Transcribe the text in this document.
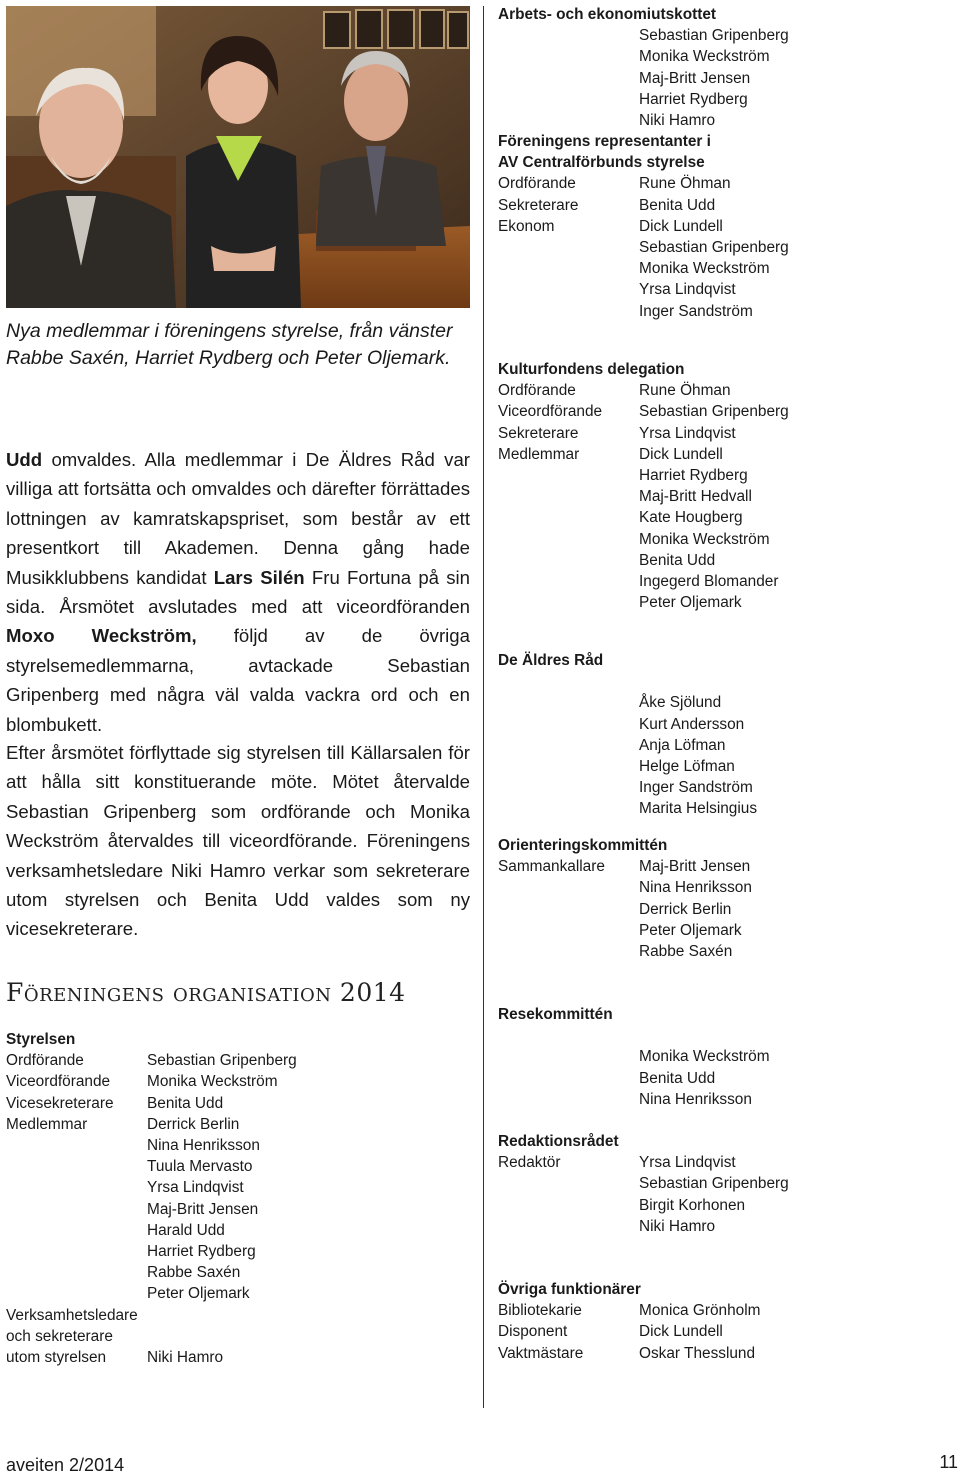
Nya medlemmar i föreningens styrelse, från vänster Rabbe Saxén, Harriet Rydberg och Peter Oljemark.
Udd omvaldes. Alla medlemmar i De Äldres Råd var villiga att fortsätta och omvaldes och därefter förrättades lottningen av kamratskapspriset, som består av ett presentkort till Akademen. Denna gång hade Musikklubbens kandidat Lars Silén Fru Fortuna på sin sida. Årsmötet avslutades med att viceordföranden Moxo Weckström, följd av de övriga styrelsemedlemmarna, avtackade Sebastian Gripenberg med några väl valda vackra ord och en blombukett.
Efter årsmötet förflyttade sig styrelsen till Källarsalen för att hålla sitt konstituerande möte. Mötet återvalde Sebastian Gripenberg som ordförande och Monika Weckström återvaldes till viceordförande. Föreningens verksamhetsledare Niki Hamro verkar som sekreterare utom styrelsen och Benita Udd valdes som ny vicesekreterare.
Föreningens organisation 2014
Styrelsen
Ordförande	Sebastian Gripenberg
Viceordförande	Monika Weckström
Vicesekreterare	Benita Udd
Medlemmar	Derrick Berlin

Nina Henriksson

Tuula Mervasto

Yrsa Lindqvist

Maj-Britt Jensen

Harald Udd

Harriet Rydberg

Rabbe Saxén

Peter Oljemark
Verksamhetsledare

och sekreterare

utom styrelsen	Niki Hamro
Arbets- och ekonomiutskottet

Sebastian Gripenberg

Monika Weckström

Maj-Britt Jensen

Harriet Rydberg

Niki Hamro
Föreningens representanter i
AV Centralförbunds styrelse
Ordförande	Rune Öhman
Sekreterare	Benita Udd
Ekonom	Dick Lundell

Sebastian Gripenberg

Monika Weckström

Yrsa Lindqvist

Inger Sandström
Kulturfondens delegation
Ordförande	Rune Öhman
Viceordförande	Sebastian Gripenberg
Sekreterare	Yrsa Lindqvist
Medlemmar	Dick Lundell

Harriet Rydberg

Maj-Britt Hedvall

Kate Hougberg

Monika Weckström

Benita Udd

Ingegerd Blomander

Peter Oljemark
De Äldres Råd

Åke Sjölund

Kurt Andersson

Anja Löfman

Helge Löfman

Inger Sandström

Marita Helsingius
Orienteringskommittén
Sammankallare	Maj-Britt Jensen

Nina Henriksson

Derrick Berlin

Peter Oljemark

Rabbe Saxén
Resekommittén

Monika Weckström

Benita Udd

Nina Henriksson
Redaktionsrådet
Redaktör	Yrsa Lindqvist

Sebastian Gripenberg

Birgit Korhonen

Niki Hamro
Övriga funktionärer
Bibliotekarie	Monica Grönholm
Disponent	Dick Lundell
Vaktmästare	Oskar Thesslund
aveiten 2/2014	11
